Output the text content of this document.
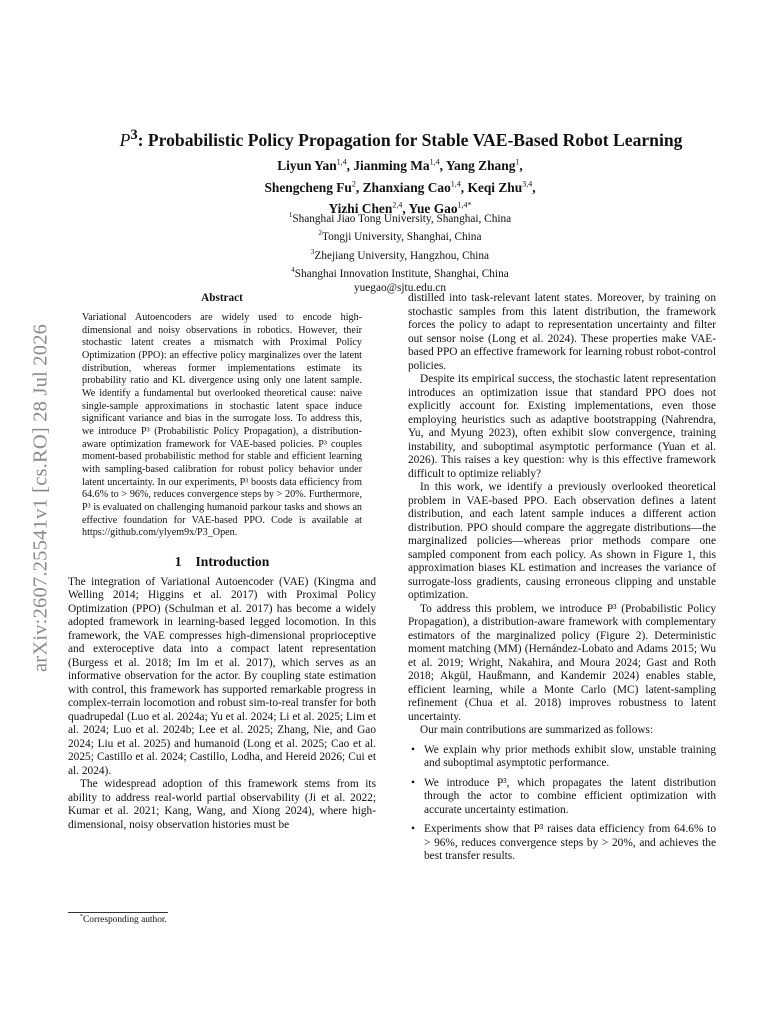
arXiv:2607.25541v1 [cs.RO] 28 Jul 2026
$P^3$: Probabilistic Policy Propagation for Stable VAE-Based Robot Learning
Liyun Yan$^{1,4}$, Jianming Ma$^{1,4}$, Yang Zhang$^1$,
Shengcheng Fu$^2$, Zhanxiang Cao$^{1,4}$, Keqi Zhu$^{3,4}$,
Yizhi Chen$^{2,4}$, Yue Gao$^{1,4*}$
$^1$Shanghai Jiao Tong University, Shanghai, China
$^2$Tongji University, Shanghai, China
$^3$Zhejiang University, Hangzhou, China
$^4$Shanghai Innovation Institute, Shanghai, China
yuegao@sjtu.edu.cn
Abstract
Variational Autoencoders are widely used to encode high-dimensional and noisy observations in robotics. However, their stochastic latent creates a mismatch with Proximal Policy Optimization (PPO): an effective policy marginalizes over the latent distribution, whereas former implementations estimate its probability ratio and KL divergence using only one latent sample. We identify a fundamental but overlooked theoretical cause: naive single-sample approximations in stochastic latent space induce significant variance and bias in the surrogate loss. To address this, we introduce P³ (Probabilistic Policy Propagation), a distribution-aware optimization framework for VAE-based policies. P³ couples moment-based probabilistic method for stable and efficient learning with sampling-based calibration for robust policy behavior under latent uncertainty. In our experiments, P³ boosts data efficiency from 64.6% to > 96%, reduces convergence steps by > 20%. Furthermore, P³ is evaluated on challenging humanoid parkour tasks and shows an effective foundation for VAE-based PPO. Code is available at https://github.com/ylyem9x/P3_Open.
1 Introduction

The integration of Variational Autoencoder (VAE) (Kingma and Welling 2014; Higgins et al. 2017) with Proximal Policy Optimization (PPO) (Schulman et al. 2017) has become a widely adopted framework in learning-based legged locomotion. In this framework, the VAE compresses high-dimensional proprioceptive and exteroceptive data into a compact latent representation (Burgess et al. 2018; Im Im et al. 2017), which serves as an informative observation for the actor. By coupling state estimation with control, this framework has supported remarkable progress in complex-terrain locomotion and robust sim-to-real transfer for both quadrupedal (Luo et al. 2024a; Yu et al. 2024; Li et al. 2025; Lim et al. 2024; Luo et al. 2024b; Lee et al. 2025; Zhang, Nie, and Gao 2024; Liu et al. 2025) and humanoid (Long et al. 2025; Cao et al. 2025; Castillo et al. 2024; Castillo, Lodha, and Hereid 2026; Cui et al. 2024).

The widespread adoption of this framework stems from its ability to address real-world partial observability (Ji et al. 2022; Kumar et al. 2021; Kang, Wang, and Xiong 2024), where high-dimensional, noisy observation histories must be

distilled into task-relevant latent states. Moreover, by training on stochastic samples from this latent distribution, the framework forces the policy to adapt to representation uncertainty and filter out sensor noise (Long et al. 2024). These properties make VAE-based PPO an effective framework for learning robust robot-control policies.

Despite its empirical success, the stochastic latent representation introduces an optimization issue that standard PPO does not explicitly account for. Existing implementations, even those employing heuristics such as adaptive bootstrapping (Nahrendra, Yu, and Myung 2023), often exhibit slow convergence, training instability, and suboptimal asymptotic performance (Yuan et al. 2026). This raises a key question: why is this effective framework difficult to optimize reliably?

In this work, we identify a previously overlooked theoretical problem in VAE-based PPO. Each observation defines a latent distribution, and each latent sample induces a different action distribution. PPO should compare the aggregate distributions—the marginalized policies—whereas prior methods compare one sampled component from each policy. As shown in Figure 1, this approximation biases KL estimation and increases the variance of surrogate-loss gradients, causing erroneous clipping and unstable optimization.

To address this problem, we introduce P³ (Probabilistic Policy Propagation), a distribution-aware framework with complementary estimators of the marginalized policy (Figure 2). Deterministic moment matching (MM) (Hernández-Lobato and Adams 2015; Wu et al. 2019; Wright, Nakahira, and Moura 2024; Gast and Roth 2018; Akgül, Haußmann, and Kandemir 2024) enables stable, efficient learning, while a Monte Carlo (MC) latent-sampling refinement (Chua et al. 2018) improves robustness to latent uncertainty.

Our main contributions are summarized as follows:

• We explain why prior methods exhibit slow, unstable training and suboptimal asymptotic performance.
• We introduce P³, which propagates the latent distribution through the actor to combine efficient optimization with accurate uncertainty estimation.
• Experiments show that P³ raises data efficiency from 64.6% to > 96%, reduces convergence steps by > 20%, and achieves the best transfer results.
*Corresponding author.
